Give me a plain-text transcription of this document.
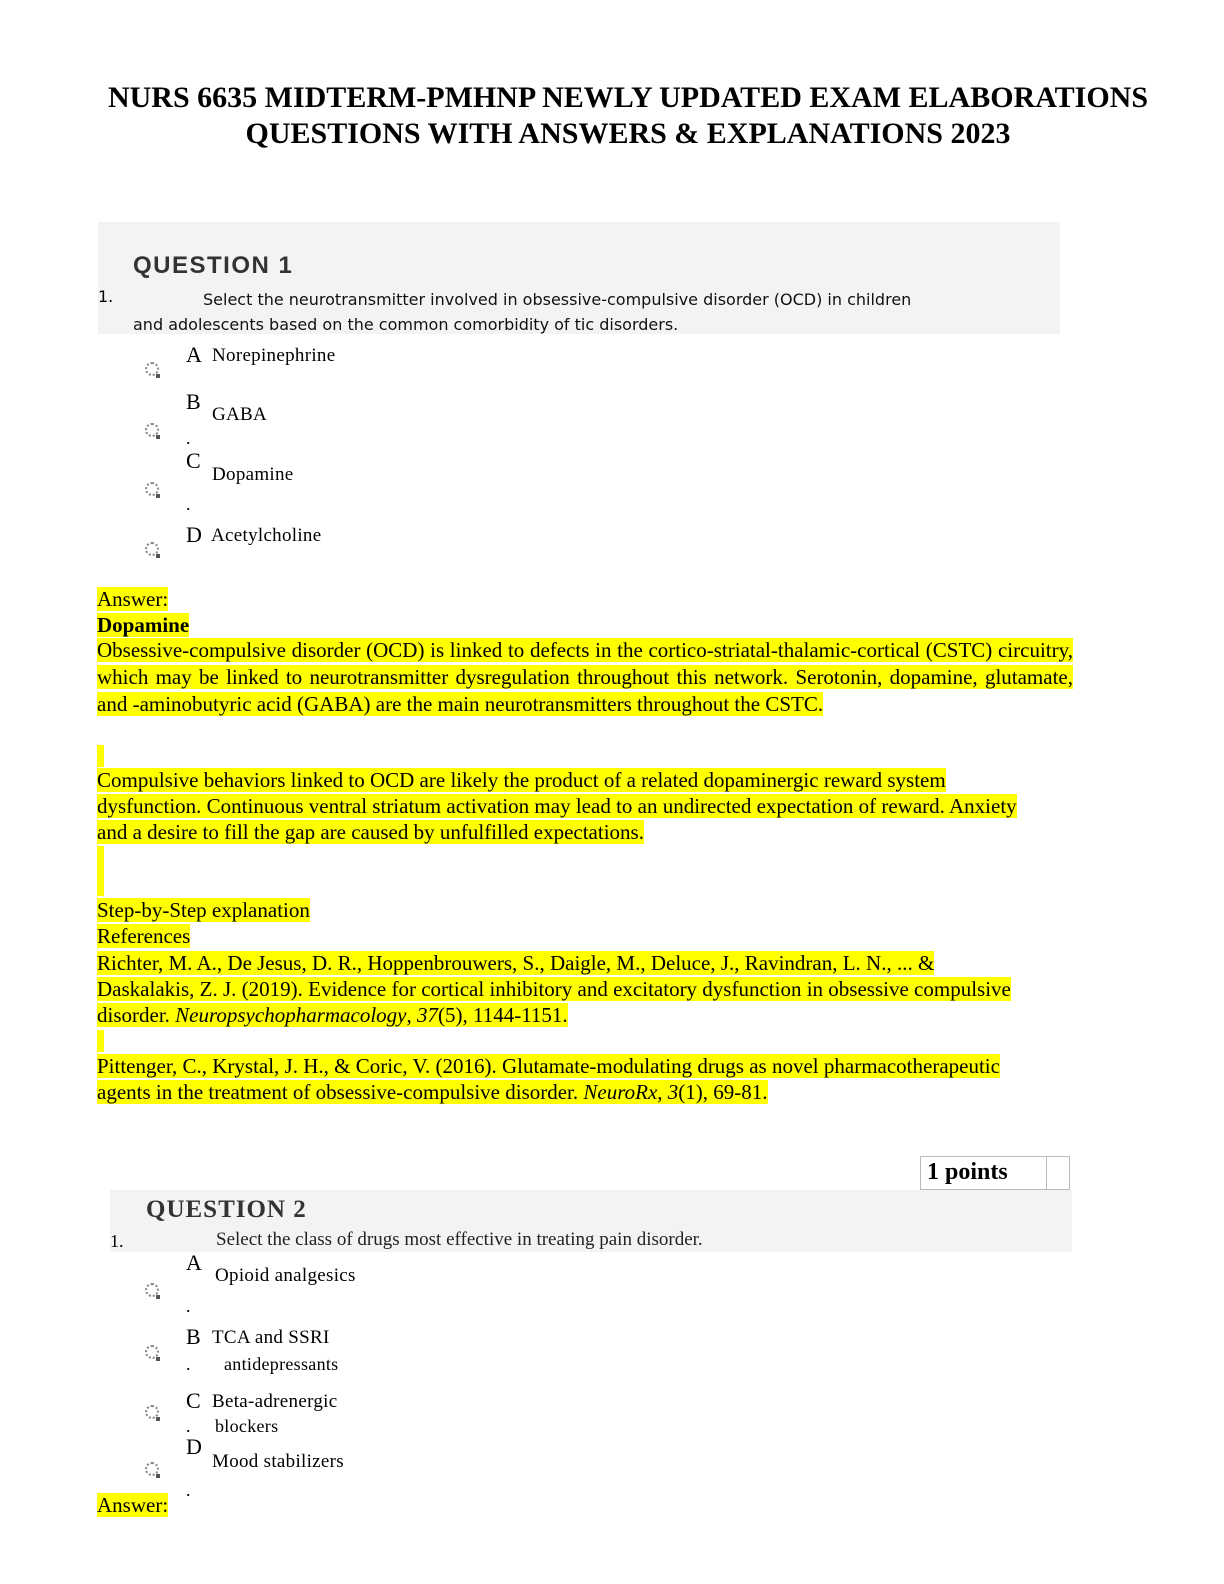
NURS 6635 MIDTERM-PMHNP NEWLY UPDATED EXAM ELABORATIONS
QUESTIONS WITH ANSWERS & EXPLANATIONS 2023
QUESTION 1
1.	Select the neurotransmitter involved in obsessive-compulsive disorder (OCD) in children and adolescents based on the common comorbidity of tic disorders.
A Norepinephrine
B
GABA
.
C
Dopamine
.
D Acetylcholine
Answer:
Dopamine
Obsessive-compulsive disorder (OCD) is linked to defects in the cortico-striatal-thalamic-cortical (CSTC) circuitry, which may be linked to neurotransmitter dysregulation throughout this network. Serotonin, dopamine, glutamate, and -aminobutyric acid (GABA) are the main neurotransmitters throughout the CSTC.
Compulsive behaviors linked to OCD are likely the product of a related dopaminergic reward system dysfunction. Continuous ventral striatum activation may lead to an undirected expectation of reward. Anxiety and a desire to fill the gap are caused by unfulfilled expectations.
Step-by-Step explanation
References
Richter, M. A., De Jesus, D. R., Hoppenbrouwers, S., Daigle, M., Deluce, J., Ravindran, L. N., ... & Daskalakis, Z. J. (2019). Evidence for cortical inhibitory and excitatory dysfunction in obsessive compulsive disorder. Neuropsychopharmacology, 37(5), 1144-1151.
Pittenger, C., Krystal, J. H., & Coric, V. (2016). Glutamate-modulating drugs as novel pharmacotherapeutic agents in the treatment of obsessive-compulsive disorder. NeuroRx, 3(1), 69-81.
1 points
QUESTION 2
1.	Select the class of drugs most effective in treating pain disorder.
A
Opioid analgesics
.
B TCA and SSRI
. antidepressants
C Beta-adrenergic
. blockers
D
Mood stabilizers
.
Answer:
